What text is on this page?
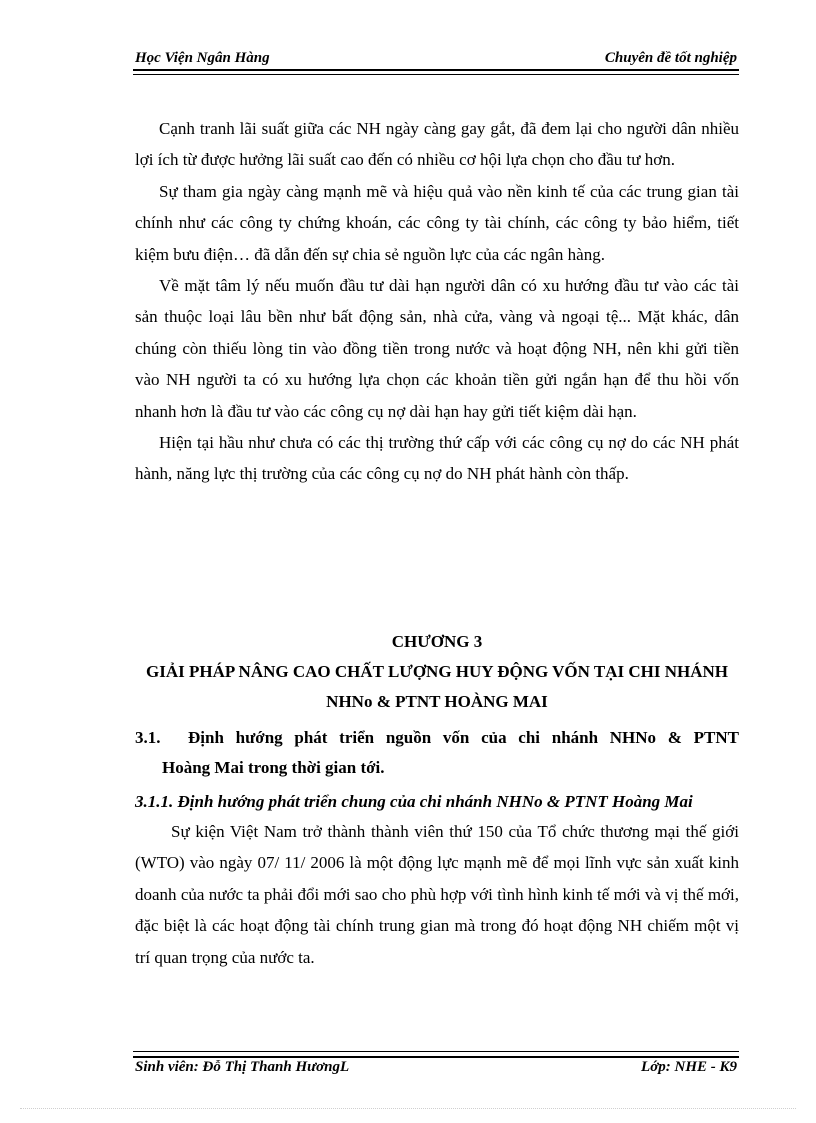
Học Viện Ngân Hàng	Chuyên đề tốt nghiệp

Cạnh tranh lãi suất giữa các NH ngày càng gay gắt, đã đem lại cho người dân nhiều lợi ích từ được hưởng lãi suất cao đến có nhiều cơ hội lựa chọn cho đầu tư hơn.

Sự tham gia ngày càng mạnh mẽ và hiệu quả vào nền kinh tế của các trung gian tài chính như các công ty chứng khoán, các công ty tài chính, các công ty bảo hiểm, tiết kiệm bưu điện… đã dẫn đến sự chia sẻ nguồn lực của các ngân hàng.

Về mặt tâm lý nếu muốn đầu tư dài hạn người dân có xu hướng đầu tư vào các tài sản thuộc loại lâu bền như bất động sản, nhà cửa, vàng và ngoại tệ... Mặt khác, dân chúng còn thiếu lòng tin vào đồng tiền trong nước và hoạt động NH, nên khi gửi tiền vào NH người ta có xu hướng lựa chọn các khoản tiền gửi ngắn hạn để thu hồi vốn nhanh hơn là đầu tư vào các công cụ nợ dài hạn hay gửi tiết kiệm dài hạn.

Hiện tại hầu như chưa có các thị trường thứ cấp với các công cụ nợ do các NH phát hành, năng lực thị trường của các công cụ nợ do NH phát hành còn thấp.

CHƯƠNG 3
GIẢI PHÁP NÂNG CAO CHẤT LƯỢNG HUY ĐỘNG VỐN TẠI CHI NHÁNH NHNo & PTNT HOÀNG MAI
3.1. Định hướng phát triển nguồn vốn của chi nhánh NHNo & PTNT
Hoàng Mai trong thời gian tới.
3.1.1. Định hướng phát triển chung của chi nhánh NHNo & PTNT Hoàng Mai

Sự kiện Việt Nam trở thành thành viên thứ 150 của Tổ chức thương mại thế giới (WTO) vào ngày 07/ 11/ 2006 là một động lực mạnh mẽ để mọi lĩnh vực sản xuất kinh doanh của nước ta phải đổi mới sao cho phù hợp với tình hình kinh tế mới và vị thế mới, đặc biệt là các hoạt động tài chính trung gian mà trong đó hoạt động NH chiếm một vị trí quan trọng của nước ta.

Sinh viên: Đỗ Thị Thanh HươngL	Lớp: NHE - K9
